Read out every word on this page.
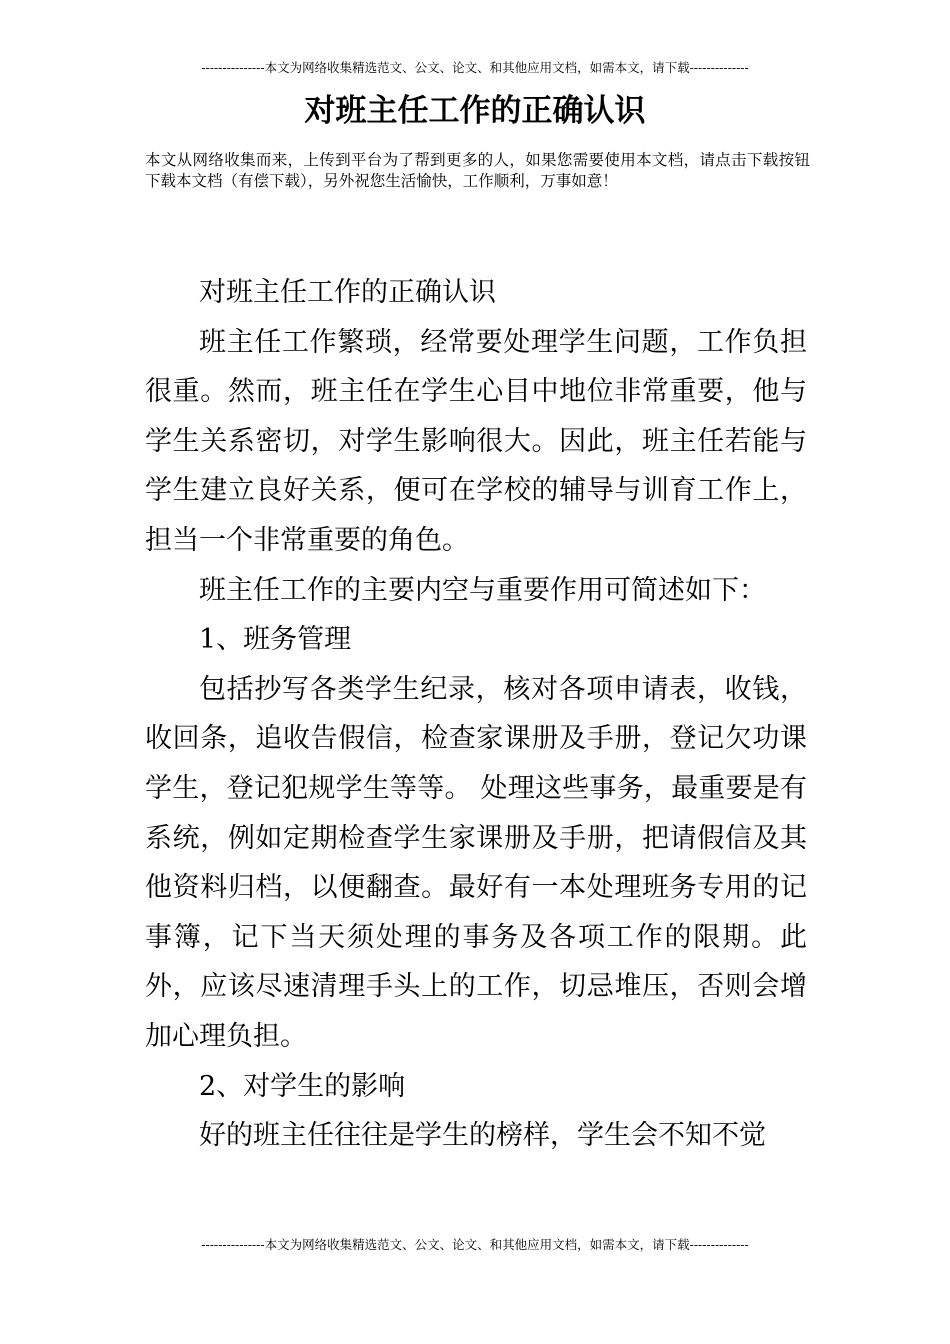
---------------本文为网络收集精选范文、公文、论文、和其他应用文档，如需本文，请下载--------------
对班主任工作的正确认识
本文从网络收集而来，上传到平台为了帮到更多的人，如果您需要使用本文档，请点击下载按钮下载本文档（有偿下载），另外祝您生活愉快，工作顺利，万事如意！

对班主任工作的正确认识

班主任工作繁琐，经常要处理学生问题，工作负担很重。然而，班主任在学生心目中地位非常重要，他与学生关系密切，对学生影响很大。因此，班主任若能与学生建立良好关系，便可在学校的辅导与训育工作上，担当一个非常重要的角色。

班主任工作的主要内空与重要作用可简述如下：

1、班务管理

包括抄写各类学生纪录，核对各项申请表，收钱，收回条，追收告假信，检查家课册及手册，登记欠功课学生，登记犯规学生等等。 处理这些事务，最重要是有系统，例如定期检查学生家课册及手册，把请假信及其他资料归档，以便翻查。最好有一本处理班务专用的记事簿，记下当天须处理的事务及各项工作的限期。此外，应该尽速清理手头上的工作，切忌堆压，否则会增加心理负担。

2、对学生的影响

好的班主任往往是学生的榜样，学生会不知不觉

---------------本文为网络收集精选范文、公文、论文、和其他应用文档，如需本文，请下载--------------
